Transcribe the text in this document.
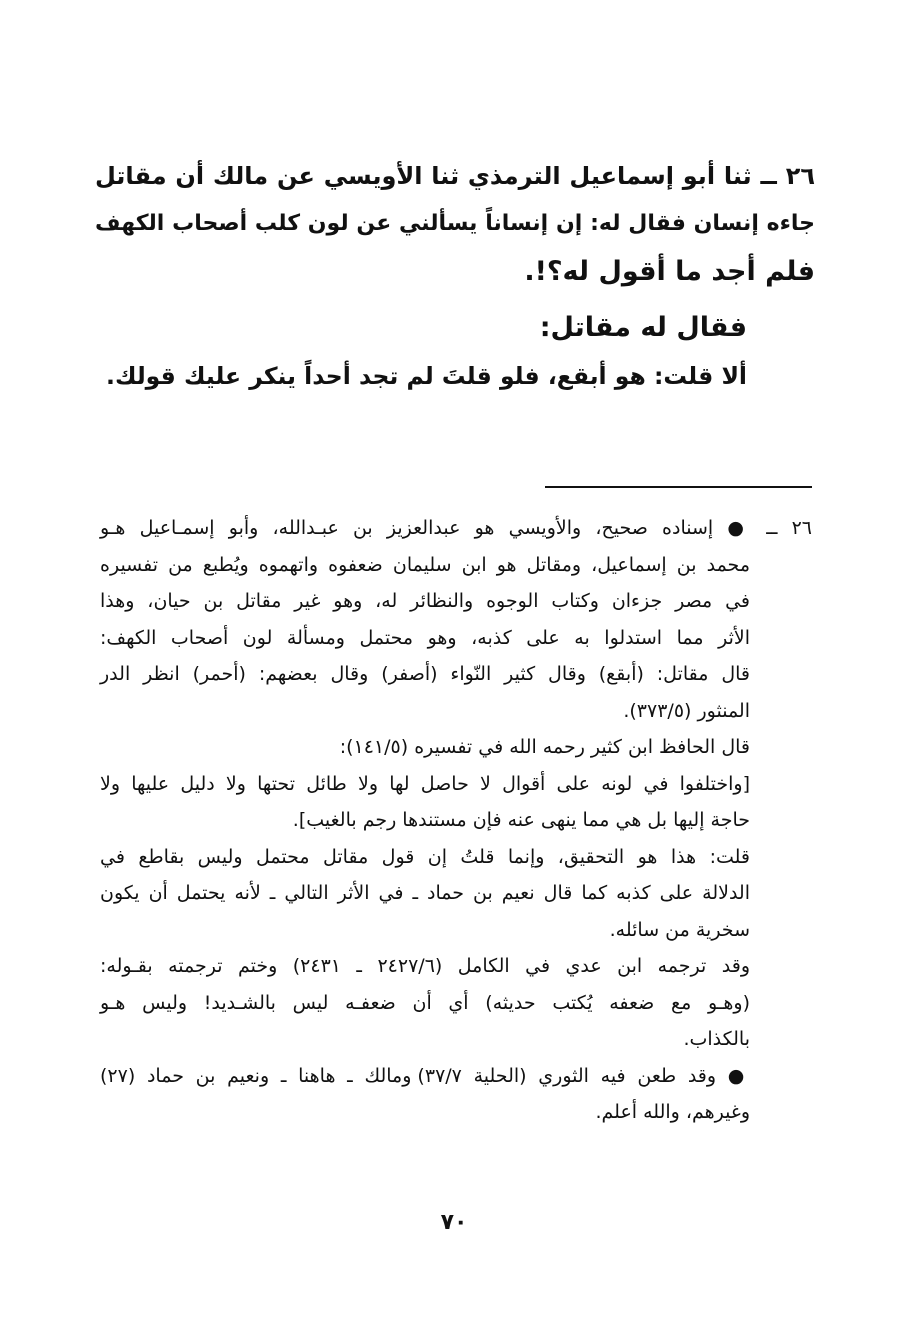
٢٦ ــ ثنا أبو إسماعيل الترمذي ثنا الأويسي عن مالك أن مقاتل

جاءه إنسان فقال له: إن إنساناً يسألني عن لون كلب أصحاب الكهف

فلم أجد ما أقول له؟!.

فقال له مقاتل:

ألا قلت: هو أبقع، فلو قلتَ لم تجد أحداً ينكر عليك قولك.

٢٦ ــ ● إسناده صحيح، والأويسي هو عبدالعزيز بن عبـدالله، وأبو إسمـاعيل هـو

محمد بن إسماعيل، ومقاتل هو ابن سليمان ضعفوه واتهموه ويُطبع من تفسيره

في مصر جزءان وكتاب الوجوه والنظائر له، وهو غير مقاتل بن حيان، وهذا

الأثر مما استدلوا به على كذبه، وهو محتمل ومسألة لون أصحاب الكهف:

قال مقاتل: (أبقع) وقال كثير النّواء (أصفر) وقال بعضهم: (أحمر) انظر الدر

المنثور (٣٧٣/٥).

قال الحافظ ابن كثير رحمه الله في تفسيره (١٤١/٥):

[واختلفوا في لونه على أقوال لا حاصل لها ولا طائل تحتها ولا دليل عليها ولا

حاجة إليها بل هي مما ينهى عنه فإن مستندها رجم بالغيب].

قلت: هذا هو التحقيق، وإنما قلتُ إن قول مقاتل محتمل وليس بقاطع في

الدلالة على كذبه كما قال نعيم بن حماد ـ في الأثر التالي ـ لأنه يحتمل أن يكون

سخرية من سائله.

وقد ترجمه ابن عدي في الكامل (٢٤٢٧/٦ ـ ٢٤٣١) وختم ترجمته بقـوله:

(وهـو مع ضعفه يُكتب حديثه) أي أن ضعفـه ليس بالشـديد! وليس هـو

بالكذاب.

● وقد طعن فيه الثوري (الحلية ٣٧/٧) ومالك ـ هاهنا ـ ونعيم بن حماد (٢٧)

وغيرهم، والله أعلم.

٧٠
